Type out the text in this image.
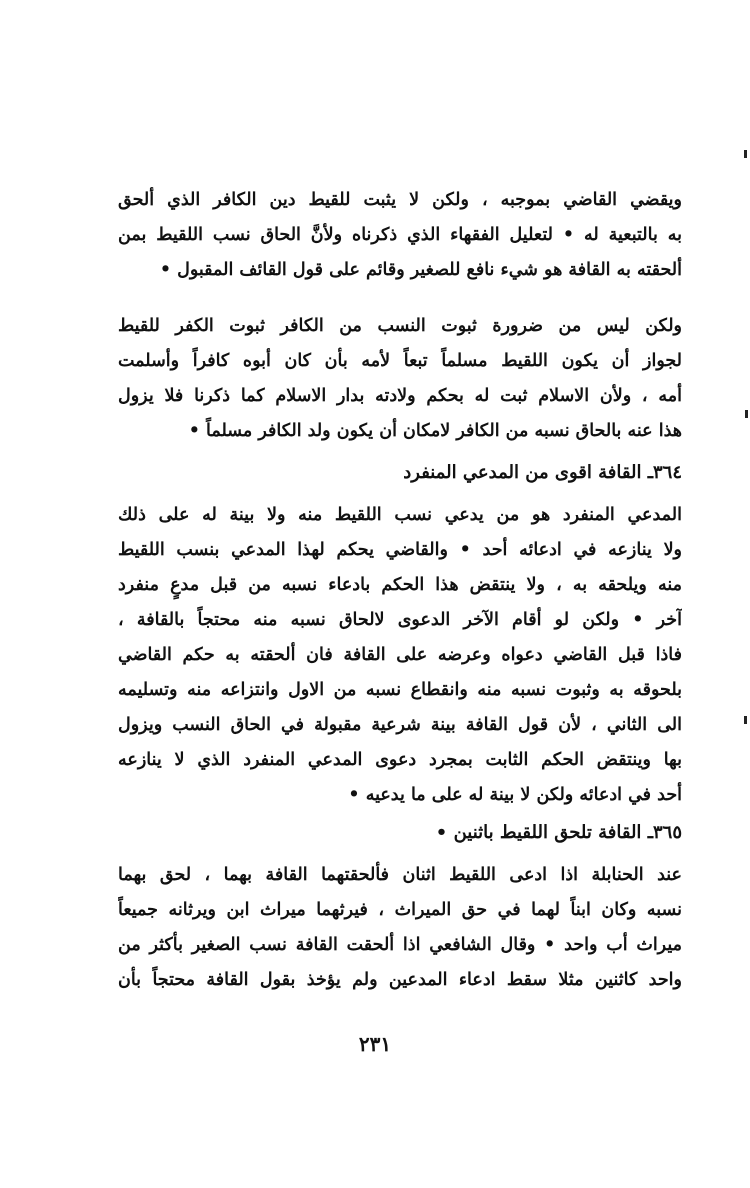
ويقضي القاضي بموجبه ، ولكن لا يثبت للقيط دين الكافر الذي ألحق
به بالتبعية له • لتعليل الفقهاء الذي ذكرناه ولأنَّ الحاق نسب اللقيط بمن
ألحقته به القافة هو شيء نافع للصغير وقائم على قول القائف المقبول •
ولكن ليس من ضرورة ثبوت النسب من الكافر ثبوت الكفر للقيط
لجواز أن يكون اللقيط مسلماً تبعاً لأمه بأن كان أبوه كافراً وأسلمت
أمه ، ولأن الاسلام ثبت له بحكم ولادته بدار الاسلام كما ذكرنا فلا يزول
هذا عنه بالحاق نسبه من الكافر لامكان أن يكون ولد الكافر مسلماً •
٣٦٤ـ القافة اقوى من المدعي المنفرد
المدعي المنفرد هو من يدعي نسب اللقيط منه ولا بينة له على ذلك
ولا ينازعه في ادعائه أحد • والقاضي يحكم لهذا المدعي بنسب اللقيط
منه ويلحقه به ، ولا ينتقض هذا الحكم بادعاء نسبه من قبل مدعٍ منفرد
آخر • ولكن لو أقام الآخر الدعوى لالحاق نسبه منه محتجاً بالقافة ،
فاذا قبل القاضي دعواه وعرضه على القافة فان ألحقته به حكم القاضي
بلحوقه به وثبوت نسبه منه وانقطاع نسبه من الاول وانتزاعه منه وتسليمه
الى الثاني ، لأن قول القافة بينة شرعية مقبولة في الحاق النسب ويزول
بها وينتقض الحكم الثابت بمجرد دعوى المدعي المنفرد الذي لا ينازعه
أحد في ادعائه ولكن لا بينة له على ما يدعيه •
٣٦٥ـ القافة تلحق اللقيط باثنين •
عند الحنابلة اذا ادعى اللقيط اثنان فألحقتهما القافة بهما ، لحق بهما
نسبه وكان ابناً لهما في حق الميراث ، فيرثهما ميراث ابن ويرثانه جميعاً
ميراث أب واحد • وقال الشافعي اذا ألحقت القافة نسب الصغير بأكثر من
واحد كاثنين مثلا سقط ادعاء المدعين ولم يؤخذ بقول القافة محتجاً بأن
٢٣١
